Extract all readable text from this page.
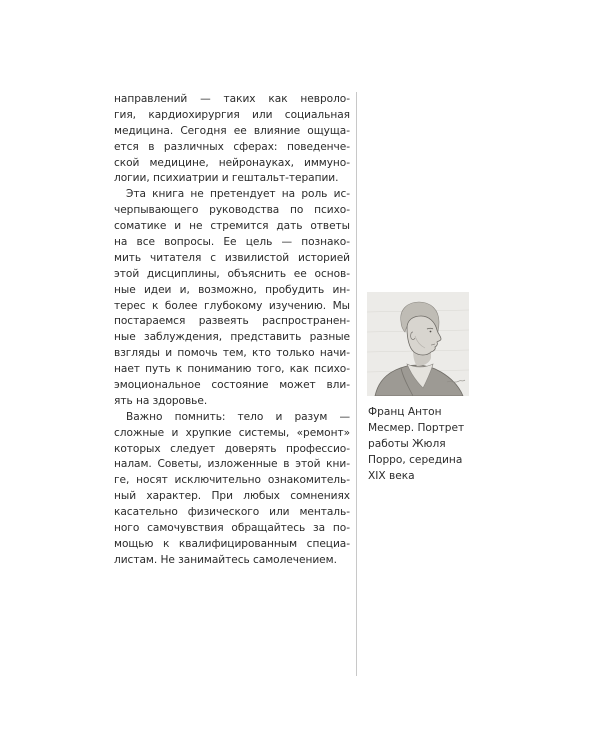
направлений — таких как невроло-
гия, кардиохирургия или социальная
медицина. Сегодня ее влияние ощуща-
ется в различных сферах: поведенче-
ской медицине, нейронауках, иммуно-
логии, психиатрии и гештальт-терапии.
Эта книга не претендует на роль ис-
черпывающего руководства по психо-
соматике и не стремится дать ответы
на все вопросы. Ее цель — познако-
мить читателя с извилистой историей
этой дисциплины, объяснить ее основ-
ные идеи и, возможно, пробудить ин-
терес к более глубокому изучению. Мы
постараемся развеять распространен-
ные заблуждения, представить разные
взгляды и помочь тем, кто только начи-
нает путь к пониманию того, как психо-
эмоциональное состояние может вли-
ять на здоровье.
Важно помнить: тело и разум —
сложные и хрупкие системы, «ремонт»
которых следует доверять профессио-
налам. Советы, изложенные в этой кни-
ге, носят исключительно ознакомитель-
ный характер. При любых сомнениях
касательно физического или менталь-
ного самочувствия обращайтесь за по-
мощью к квалифицированным специа-
листам. Не занимайтесь самолечением.
Франц Антон
Месмер. Портрет
работы Жюля
Порро, середина
XIX века
